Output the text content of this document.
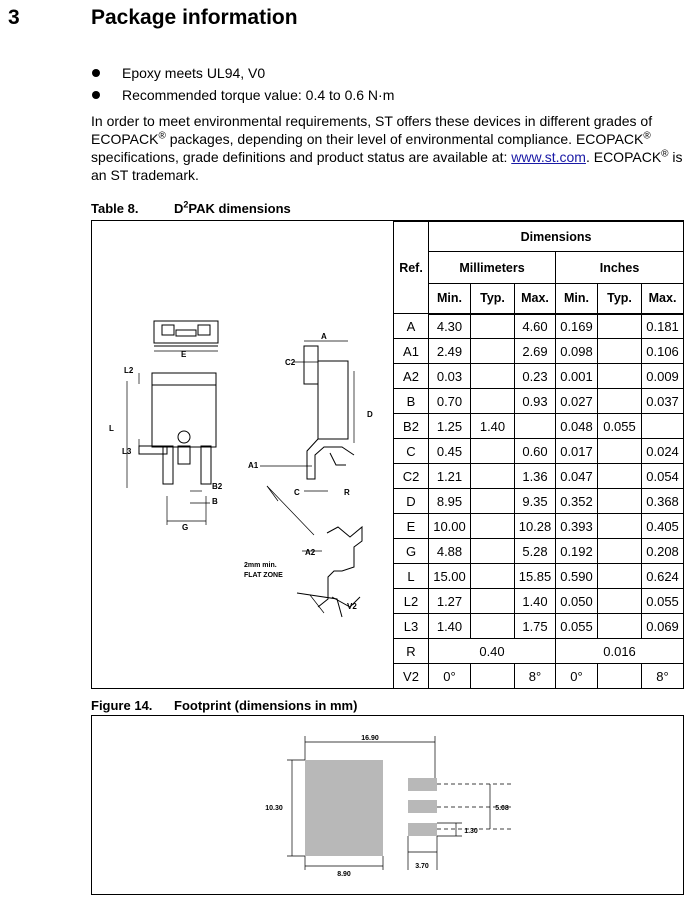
3	Package information
Epoxy meets UL94, V0
Recommended torque value: 0.4 to 0.6 N·m
In order to meet environmental requirements, ST offers these devices in different grades of ECOPACK® packages, depending on their level of environmental compliance. ECOPACK® specifications, grade definitions and product status are available at: www.st.com. ECOPACK® is an ST trademark.
Table 8.	$D^2PAK$ dimensions
E
L2
L
L3
B2
B
G
A
C2
D
A1
C	R
A2
V2
2mm min.
FLAT ZONE
Ref.	Dimensions					
	Millimeters			Inches		
	Min.	Typ.	Max.	Min.	Typ.	Max.
A	4.30		4.60	0.169		0.181
A1	2.49		2.69	0.098		0.106
A2	0.03		0.23	0.001		0.009
B	0.70		0.93	0.027		0.037
B2	1.25	1.40		0.048	0.055	
C	0.45		0.60	0.017		0.024
C2	1.21		1.36	0.047		0.054
D	8.95		9.35	0.352		0.368
E	10.00		10.28	0.393		0.405
G	4.88		5.28	0.192		0.208
L	15.00		15.85	0.590		0.624
L2	1.27		1.40	0.050		0.055
L3	1.40		1.75	0.055		0.069
R	0.40			0.016		
V2	0°		8°	0°		8°
Figure 14. Footprint (dimensions in mm)
16.90
10.30
8.90
3.70
5.08
1.30
